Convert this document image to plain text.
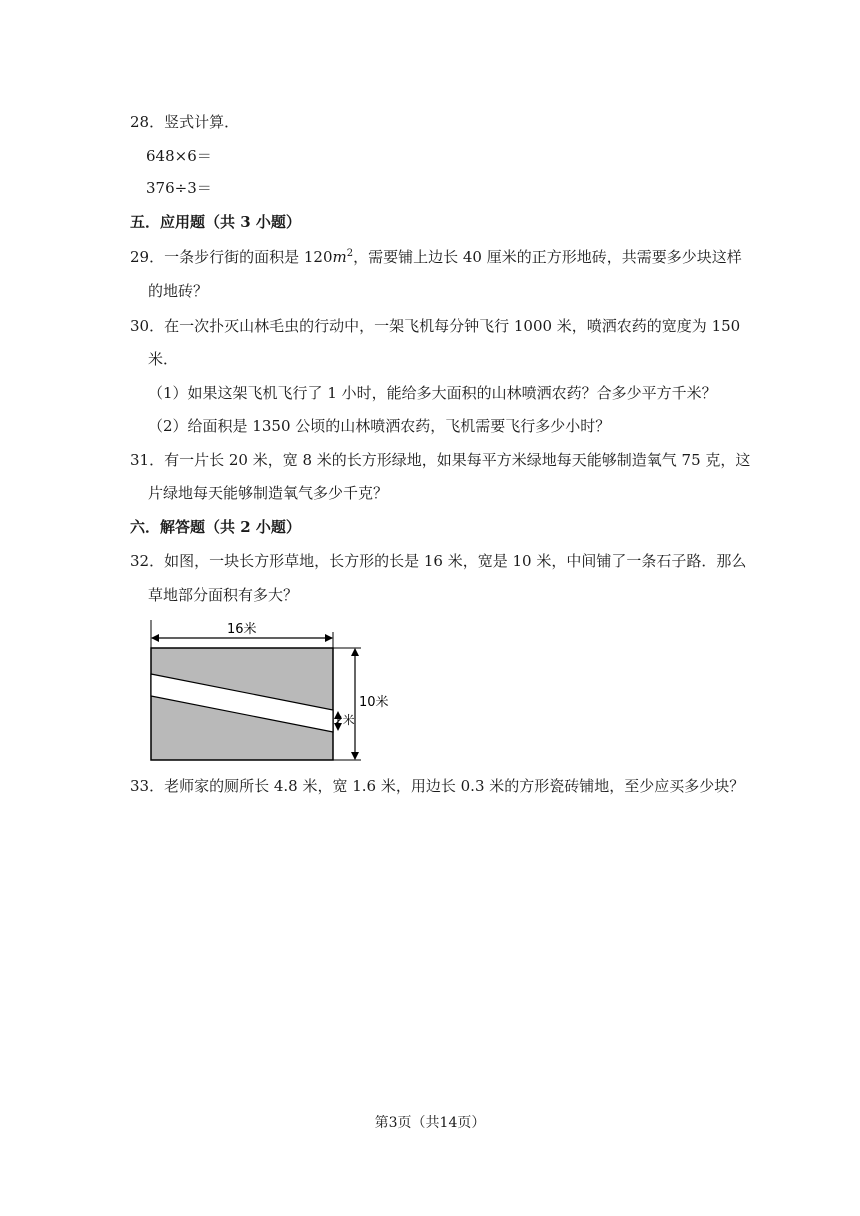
28．竖式计算．
648×6＝
376÷3＝
五．应用题（共 3 小题）
29．一条步行街的面积是 $120m^2$，需要铺上边长 40 厘米的正方形地砖，共需要多少块这样
的地砖？
30．在一次扑灭山林毛虫的行动中，一架飞机每分钟飞行 1000 米，喷洒农药的宽度为 150
米．
（1）如果这架飞机飞行了 1 小时，能给多大面积的山林喷洒农药？合多少平方千米？
（2）给面积是 1350 公顷的山林喷洒农药，飞机需要飞行多少小时？
31．有一片长 20 米，宽 8 米的长方形绿地，如果每平方米绿地每天能够制造氧气 75 克，这
片绿地每天能够制造氧气多少千克？
六．解答题（共 2 小题）
32．如图，一块长方形草地，长方形的长是 16 米，宽是 10 米，中间铺了一条石子路．那么
草地部分面积有多大？
16米
10米
2米
33．老师家的厕所长 4.8 米，宽 1.6 米，用边长 0.3 米的方形瓷砖铺地，至少应买多少块？
第3页（共14页）
